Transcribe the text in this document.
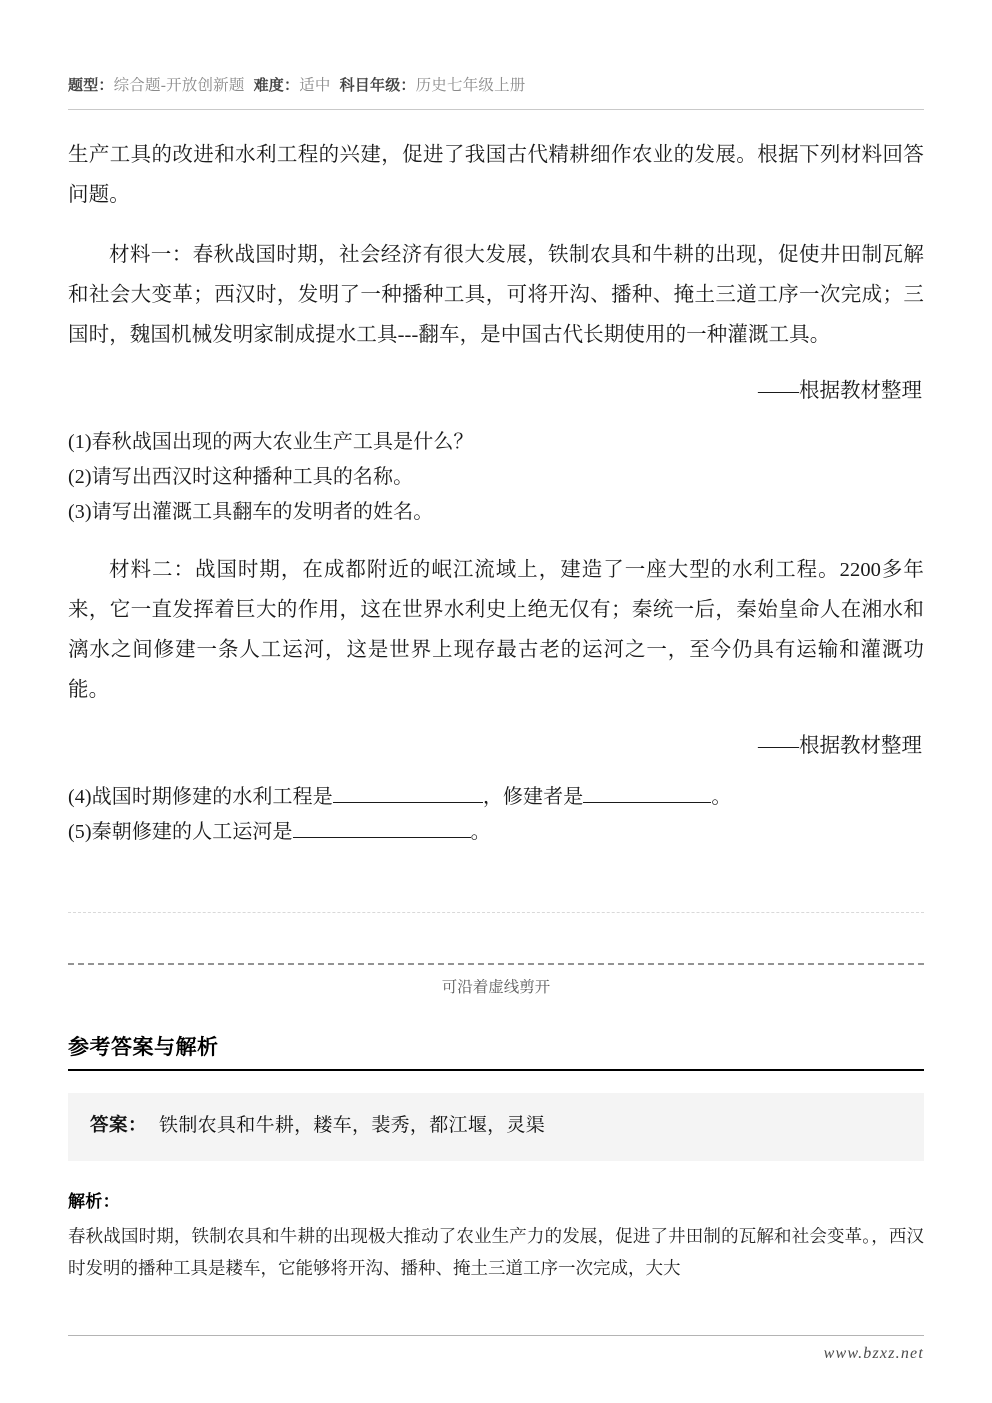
题型：综合题-开放创新题 难度：适中 科目年级：历史七年级上册
生产工具的改进和水利工程的兴建，促进了我国古代精耕细作农业的发展。根据下列材料回答问题。
材料一：春秋战国时期，社会经济有很大发展，铁制农具和牛耕的出现，促使井田制瓦解和社会大变革；西汉时，发明了一种播种工具，可将开沟、播种、掩土三道工序一次完成；三国时，魏国机械发明家制成提水工具---翻车，是中国古代长期使用的一种灌溉工具。
——根据教材整理
(1)春秋战国出现的两大农业生产工具是什么？
(2)请写出西汉时这种播种工具的名称。
(3)请写出灌溉工具翻车的发明者的姓名。
材料二：战国时期，在成都附近的岷江流域上，建造了一座大型的水利工程。2200多年来，它一直发挥着巨大的作用，这在世界水利史上绝无仅有；秦统一后，秦始皇命人在湘水和漓水之间修建一条人工运河，这是世界上现存最古老的运河之一，至今仍具有运输和灌溉功能。
——根据教材整理
(4)战国时期修建的水利工程是	，修建者是	。
(5)秦朝修建的人工运河是	。
可沿着虚线剪开
参考答案与解析
答案： 铁制农具和牛耕，耧车，裴秀，都江堰，灵渠
解析：
春秋战国时期，铁制农具和牛耕的出现极大推动了农业生产力的发展，促进了井田制的瓦解和社会变革。，西汉时发明的播种工具是耧车，它能够将开沟、播种、掩土三道工序一次完成，大大
www.bzxz.net
